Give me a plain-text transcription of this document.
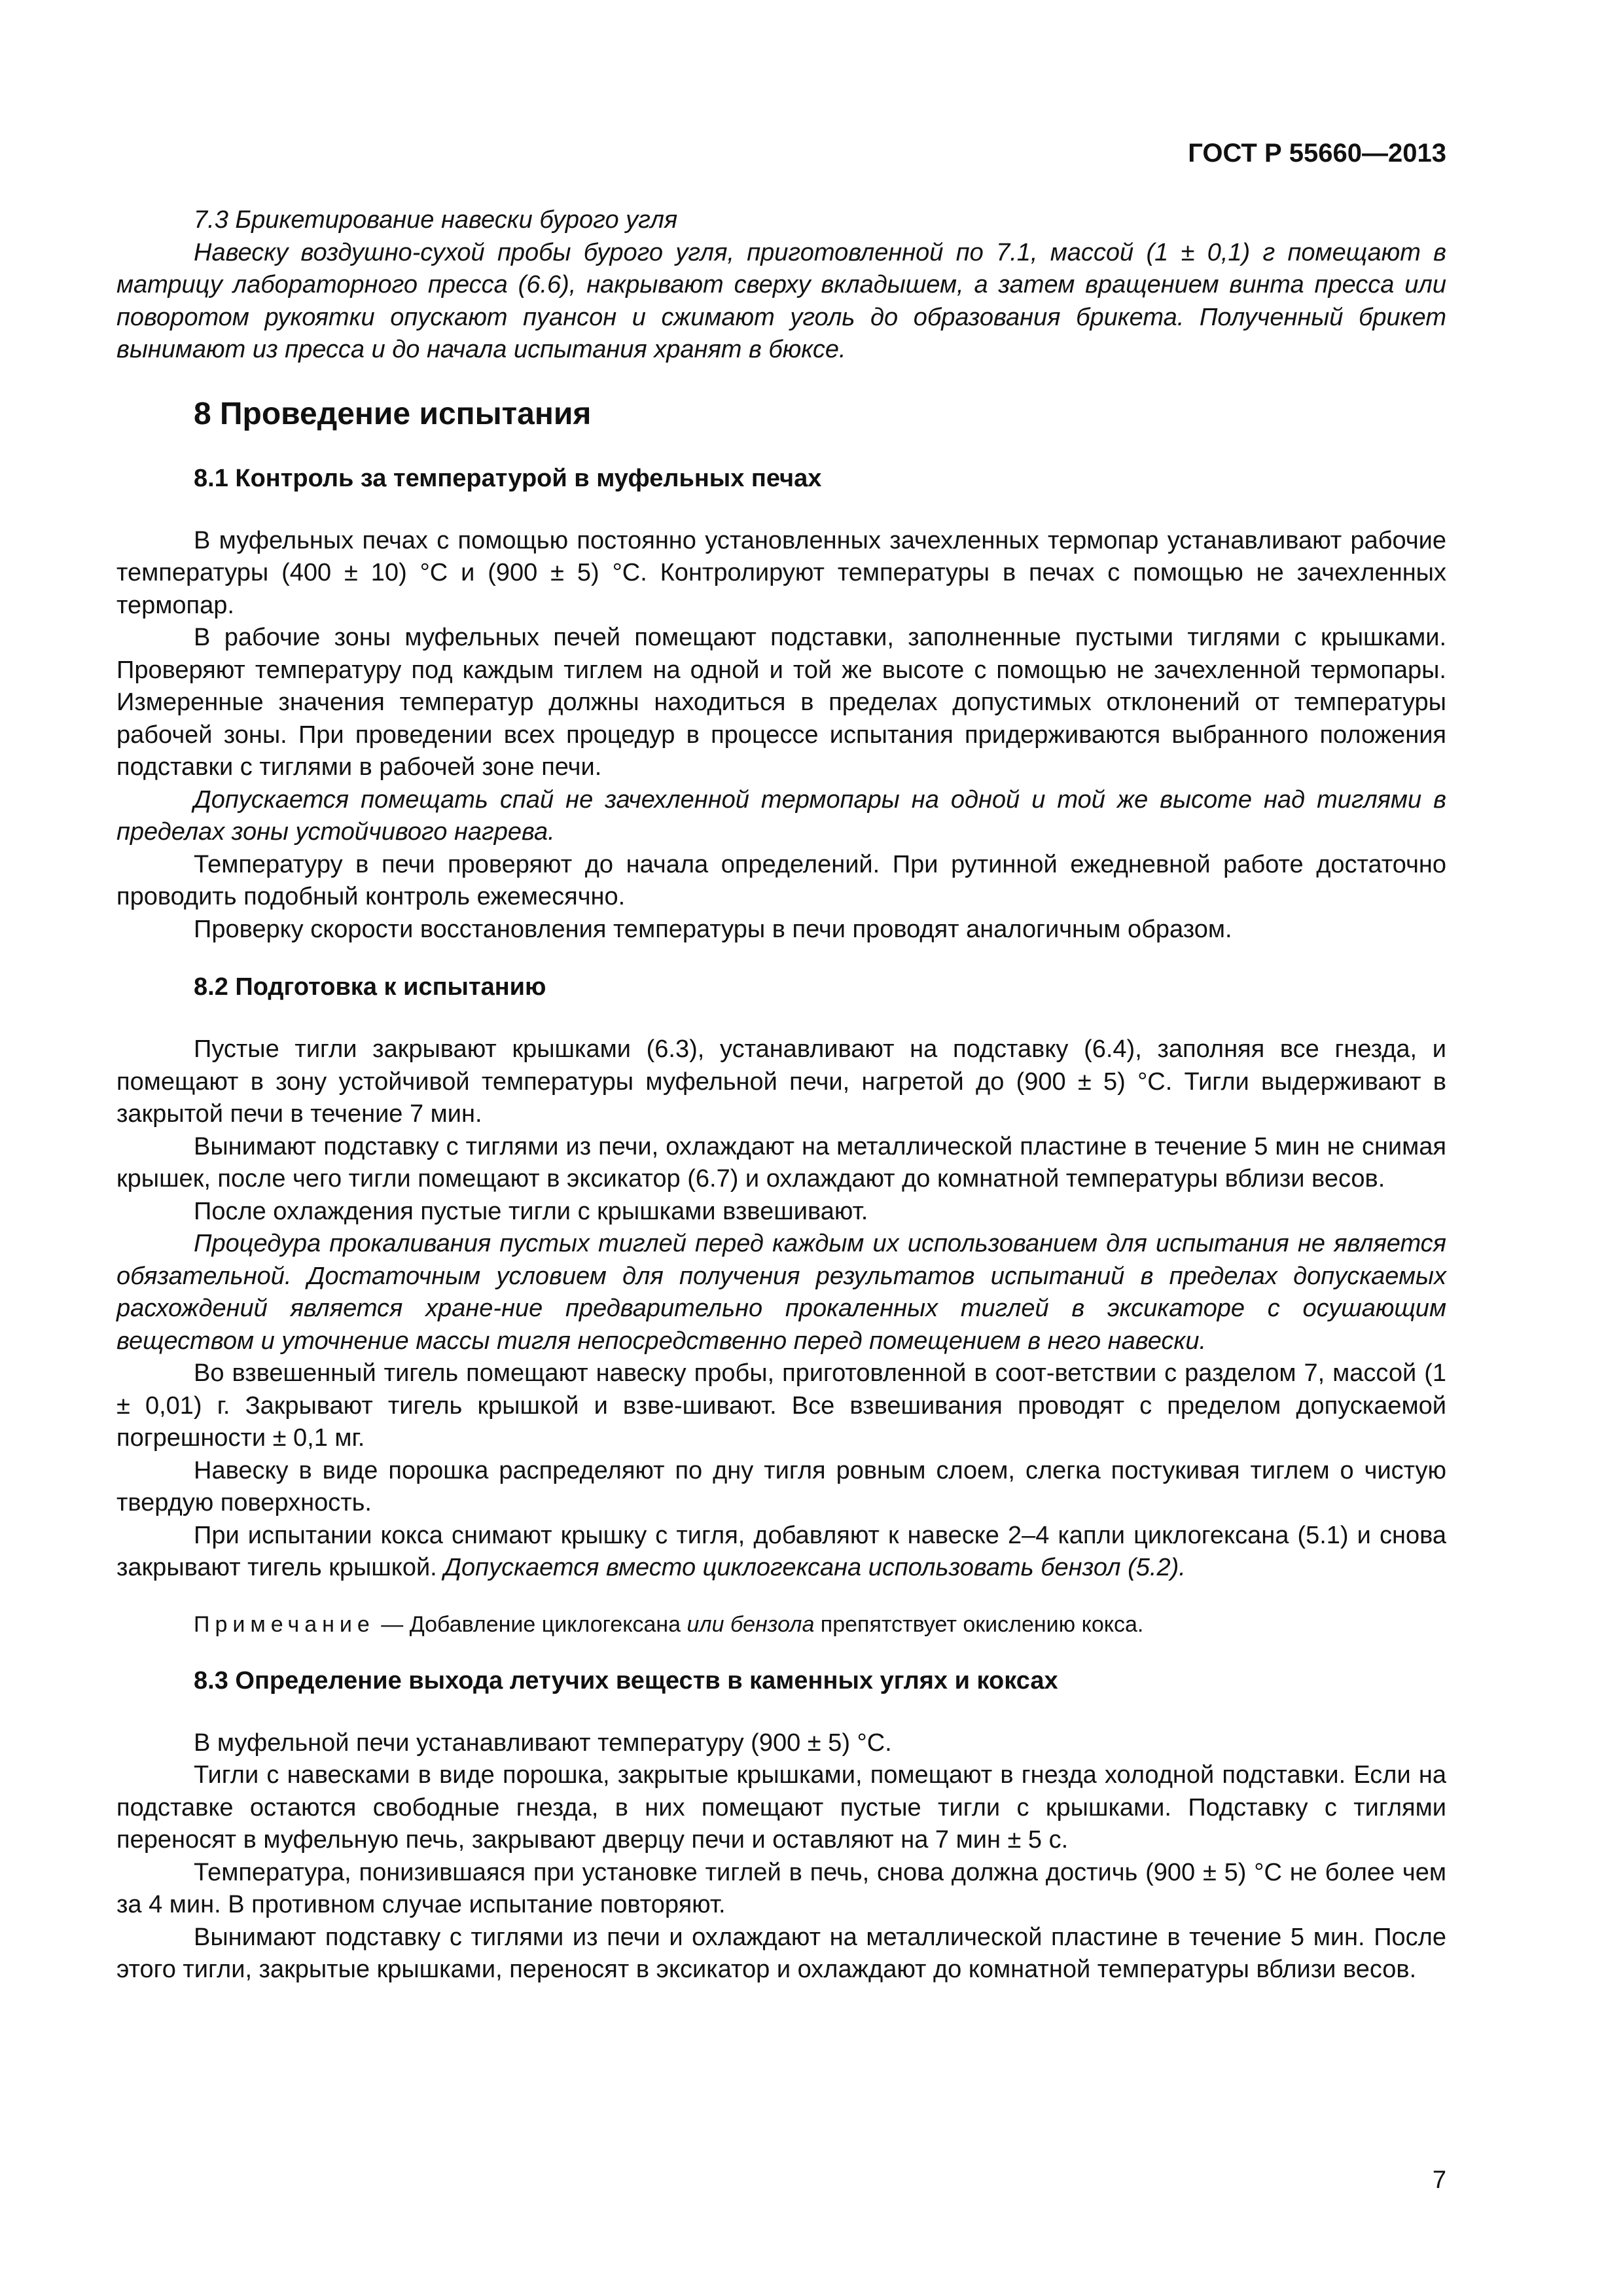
ГОСТ Р 55660—2013

7.3 Брикетирование навески бурого угля

Навеску воздушно-сухой пробы бурого угля, приготовленной по 7.1, массой (1 ± 0,1) г помещают в матрицу лабораторного пресса (6.6), накрывают сверху вкладышем, а затем вращением винта пресса или поворотом рукоятки опускают пуансон и сжимают уголь до образования брикета. Полученный брикет вынимают из пресса и до начала испытания хранят в бюксе.

8 Проведение испытания
8.1 Контроль за температурой в муфельных печах

В муфельных печах с помощью постоянно установленных зачехленных термопар устанавливают рабочие температуры (400 ± 10) °С и (900 ± 5) °С. Контролируют температуры в печах с помощью не зачехленных термопар.

В рабочие зоны муфельных печей помещают подставки, заполненные пустыми тиглями с крышками. Проверяют температуру под каждым тиглем на одной и той же высоте с помощью не зачехленной термопары. Измеренные значения температур должны находиться в пределах допустимых отклонений от температуры рабочей зоны. При проведении всех процедур в процессе испытания придерживаются выбранного положения подставки с тиглями в рабочей зоне печи.

Допускается помещать спай не зачехленной термопары на одной и той же высоте над тиглями в пределах зоны устойчивого нагрева.

Температуру в печи проверяют до начала определений. При рутинной ежедневной работе достаточно проводить подобный контроль ежемесячно.

Проверку скорости восстановления температуры в печи проводят аналогичным образом.

8.2 Подготовка к испытанию

Пустые тигли закрывают крышками (6.3), устанавливают на подставку (6.4), заполняя все гнезда, и помещают в зону устойчивой температуры муфельной печи, нагретой до (900 ± 5) °С. Тигли выдерживают в закрытой печи в течение 7 мин.

Вынимают подставку с тиглями из печи, охлаждают на металлической пластине в течение 5 мин не снимая крышек, после чего тигли помещают в эксикатор (6.7) и охлаждают до комнатной температуры вблизи весов.

После охлаждения пустые тигли с крышками взвешивают.

Процедура прокаливания пустых тиглей перед каждым их использованием для испытания не является обязательной. Достаточным условием для получения результатов испытаний в пределах допускаемых расхождений является хране-ние предварительно прокаленных тиглей в эксикаторе с осушающим веществом и уточнение массы тигля непосредственно перед помещением в него навески.

Во взвешенный тигель помещают навеску пробы, приготовленной в соот-ветствии с разделом 7, массой (1 ± 0,01) г. Закрывают тигель крышкой и взве-шивают. Все взвешивания проводят с пределом допускаемой погрешности ± 0,1 мг.

Навеску в виде порошка распределяют по дну тигля ровным слоем, слегка постукивая тиглем о чистую твердую поверхность.

При испытании кокса снимают крышку с тигля, добавляют к навеске 2–4 капли циклогексана (5.1) и снова закрывают тигель крышкой. Допускается вместо циклогексана использовать бензол (5.2).

Примечание — Добавление циклогексана или бензола препятствует окислению кокса.
8.3 Определение выхода летучих веществ в каменных углях и коксах

В муфельной печи устанавливают температуру (900 ± 5) °С.

Тигли с навесками в виде порошка, закрытые крышками, помещают в гнезда холодной подставки. Если на подставке остаются свободные гнезда, в них помещают пустые тигли с крышками. Подставку с тиглями переносят в муфельную печь, закрывают дверцу печи и оставляют на 7 мин ± 5 с.

Температура, понизившаяся при установке тиглей в печь, снова должна достичь (900 ± 5) °С не более чем за 4 мин. В противном случае испытание повторяют.

Вынимают подставку с тиглями из печи и охлаждают на металлической пластине в течение 5 мин. После этого тигли, закрытые крышками, переносят в эксикатор и охлаждают до комнатной температуры вблизи весов.

7
